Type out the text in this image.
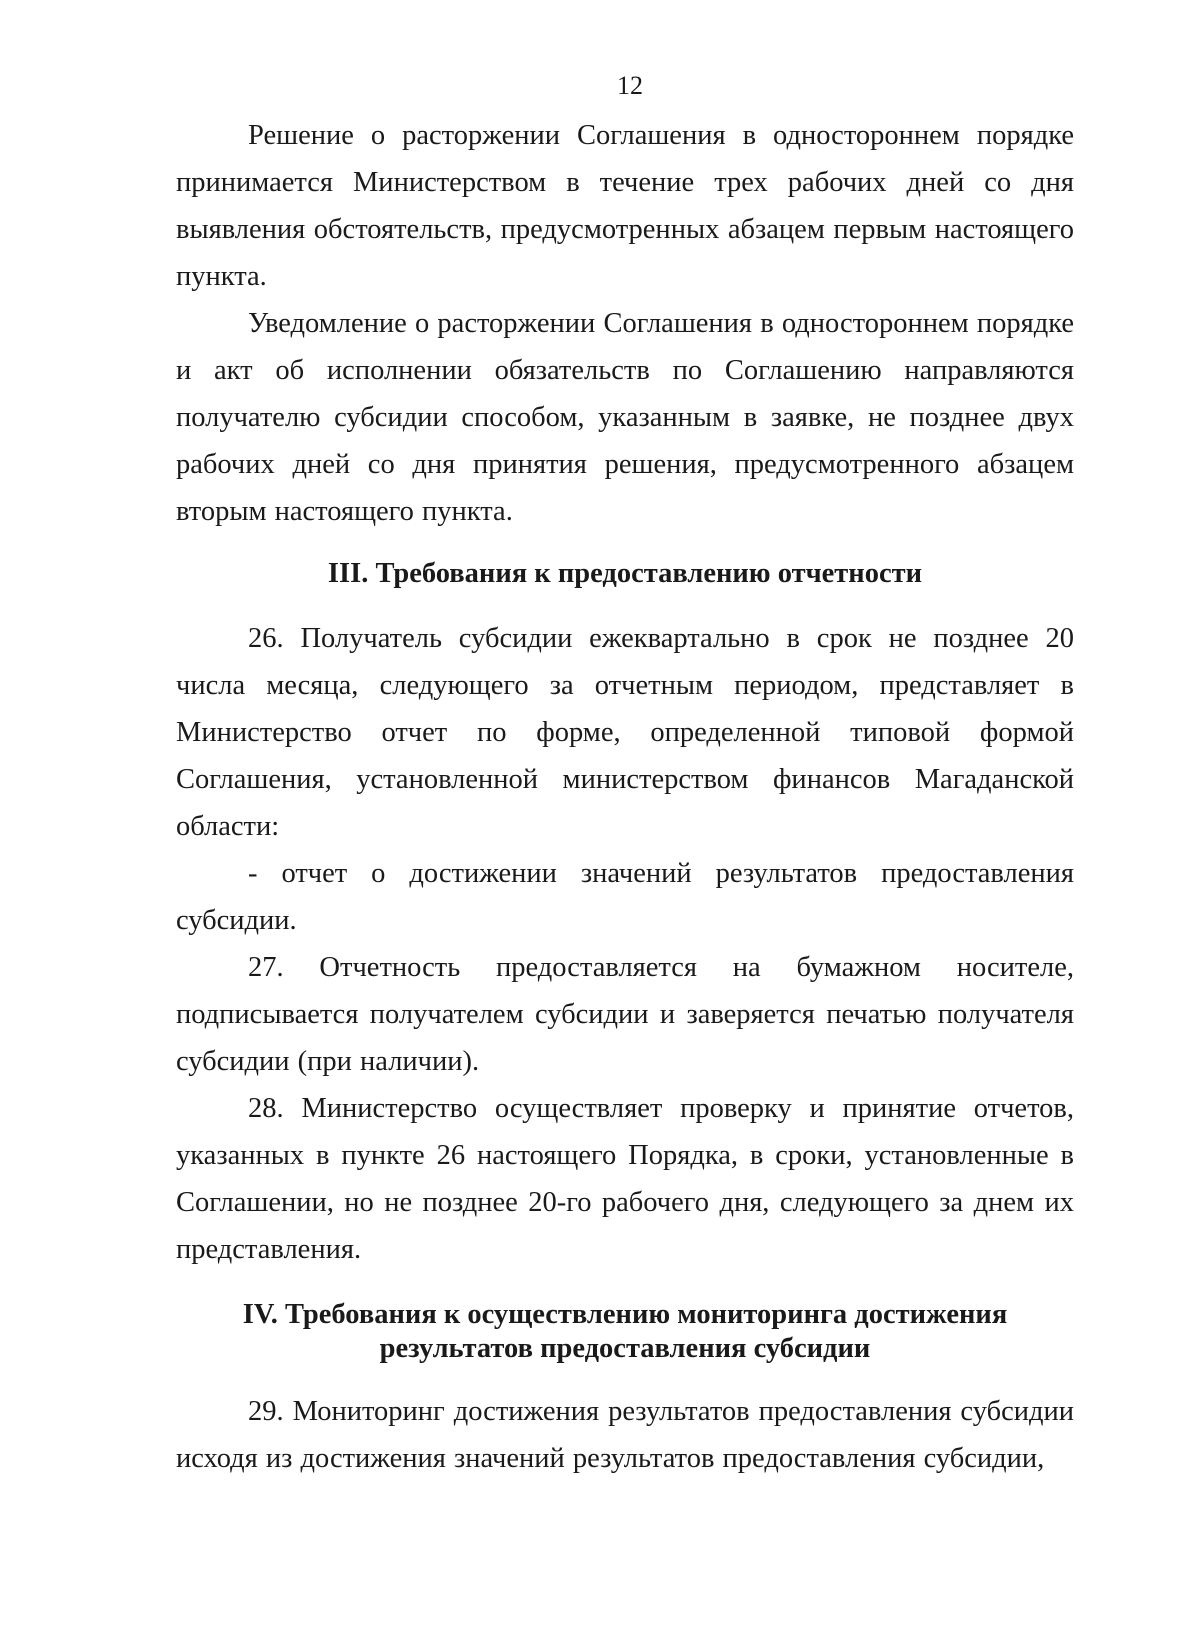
12

Решение о расторжении Соглашения в одностороннем порядке принимается Министерством в течение трех рабочих дней со дня выявления обстоятельств, предусмотренных абзацем первым настоящего пункта.

Уведомление о расторжении Соглашения в одностороннем порядке и акт об исполнении обязательств по Соглашению направляются получателю субсидии способом, указанным в заявке, не позднее двух рабочих дней со дня принятия решения, предусмотренного абзацем вторым настоящего пункта.

III. Требования к предоставлению отчетности

26. Получатель субсидии ежеквартально в срок не позднее 20 числа месяца, следующего за отчетным периодом, представляет в Министерство отчет по форме, определенной типовой формой Соглашения, установленной министерством финансов Магаданской области:

- отчет о достижении значений результатов предоставления субсидии.

27. Отчетность предоставляется на бумажном носителе, подписывается получателем субсидии и заверяется печатью получателя субсидии (при наличии).

28. Министерство осуществляет проверку и принятие отчетов, указанных в пункте 26 настоящего Порядка, в сроки, установленные в Соглашении, но не позднее 20-го рабочего дня, следующего за днем их представления.

IV. Требования к осуществлению мониторинга достижения
результатов предоставления субсидии

29. Мониторинг достижения результатов предоставления субсидии исходя из достижения значений результатов предоставления субсидии,
